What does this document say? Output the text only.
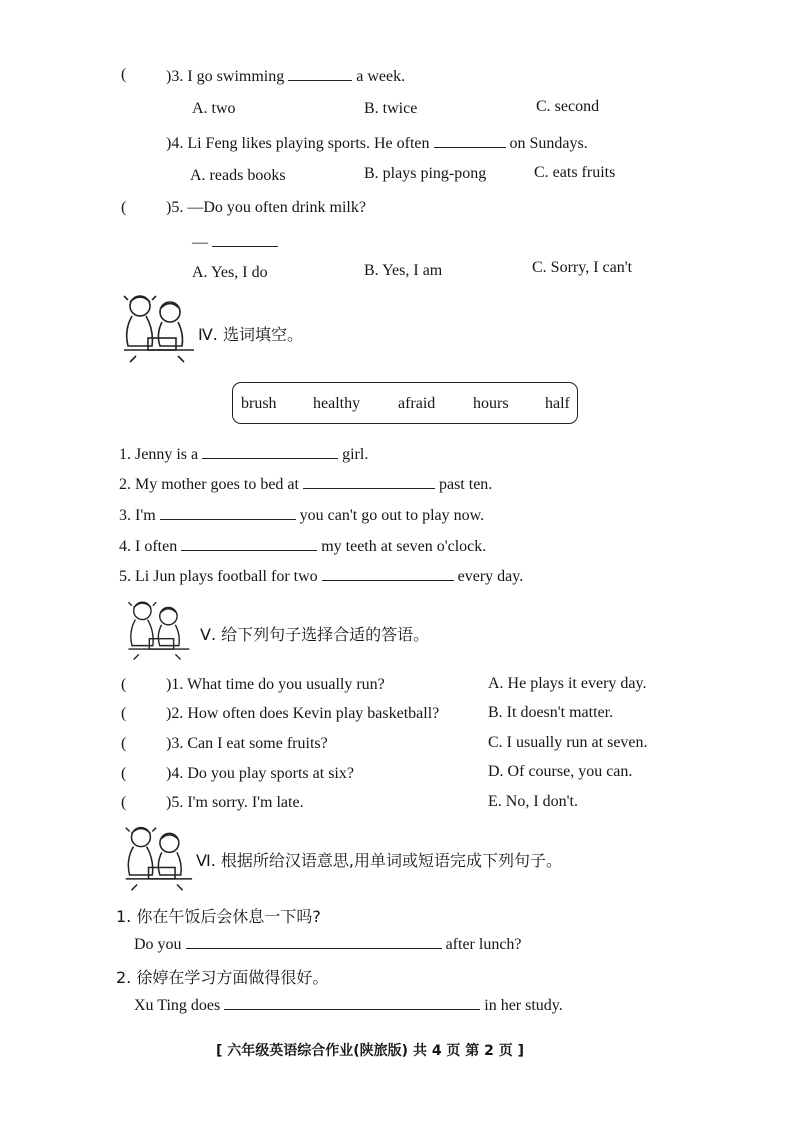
( )3. I go swimming	a week.
A. two	B. twice	C. second
)4. Li Feng likes playing sports. He often	on Sundays.
A. reads books	B. plays ping-pong	C. eats fruits
( )5. —Do you often drink milk?
—
A. Yes, I do	B. Yes, I am	C. Sorry, I can't
Ⅳ. 选词填空。
brush healthy afraid hours half
1. Jenny is a	girl.
2. My mother goes to bed at	past ten.
3. I'm	you can't go out to play now.
4. I often	my teeth at seven o'clock.
5. Li Jun plays football for two	every day.
Ⅴ. 给下列句子选择合适的答语。
( )1. What time do you usually run?	A. He plays it every day.
( )2. How often does Kevin play basketball?	B. It doesn't matter.
( )3. Can I eat some fruits?	C. I usually run at seven.
( )4. Do you play sports at six?	D. Of course, you can.
( )5. I'm sorry. I'm late.	E. No, I don't.
Ⅵ. 根据所给汉语意思,用单词或短语完成下列句子。
1. 你在午饭后会休息一下吗?
Do you	after lunch?
2. 徐婷在学习方面做得很好。
Xu Ting does	in her study.
[ 六年级英语综合作业(陕旅版) 共 4 页 第 2 页 ]
